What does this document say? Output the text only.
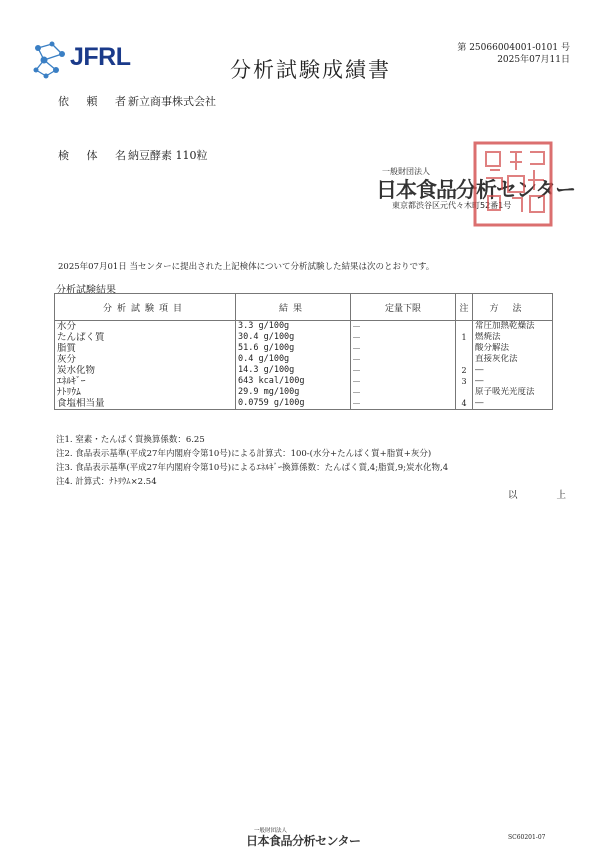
JFRL	分析試験成績書
第 25066004001-0101 号
2025年07月11日
依 頼 者
新立商事株式会社
検 体 名
納豆酵素 110粒
一般財団法人
日本食品分析センター
東京都渋谷区元代々木町52番1号
2025年07月01日 当センターに提出された上記検体について分析試験した結果は次のとおりです。
分析試験結果
分析試験項目	結果	定量下限	注	方法
水分	3.3 g/100g	―		常圧加熱乾燥法
たんぱく質	30.4 g/100g	―	1	燃焼法
脂質	51.6 g/100g	―		酸分解法
灰分	0.4 g/100g	―		直接灰化法
炭水化物	14.3 g/100g	―	2	―
ｴﾈﾙｷﾞｰ	643 kcal/100g	―	3	―
ﾅﾄﾘｳﾑ	29.9 mg/100g	―		原子吸光光度法
食塩相当量	0.0759 g/100g	―	4	―
注1. 窒素・たんぱく質換算係数：6.25
注2. 食品表示基準(平成27年内閣府令第10号)による計算式：100-(水分+たんぱく質+脂質+灰分)
注3. 食品表示基準(平成27年内閣府令第10号)によるｴﾈﾙｷﾞｰ換算係数：たんぱく質,4;脂質,9;炭水化物,4
注4. 計算式：ﾅﾄﾘｳﾑ×2.54
以 上
一般財団法人
日本食品分析センター	SC60201-07
